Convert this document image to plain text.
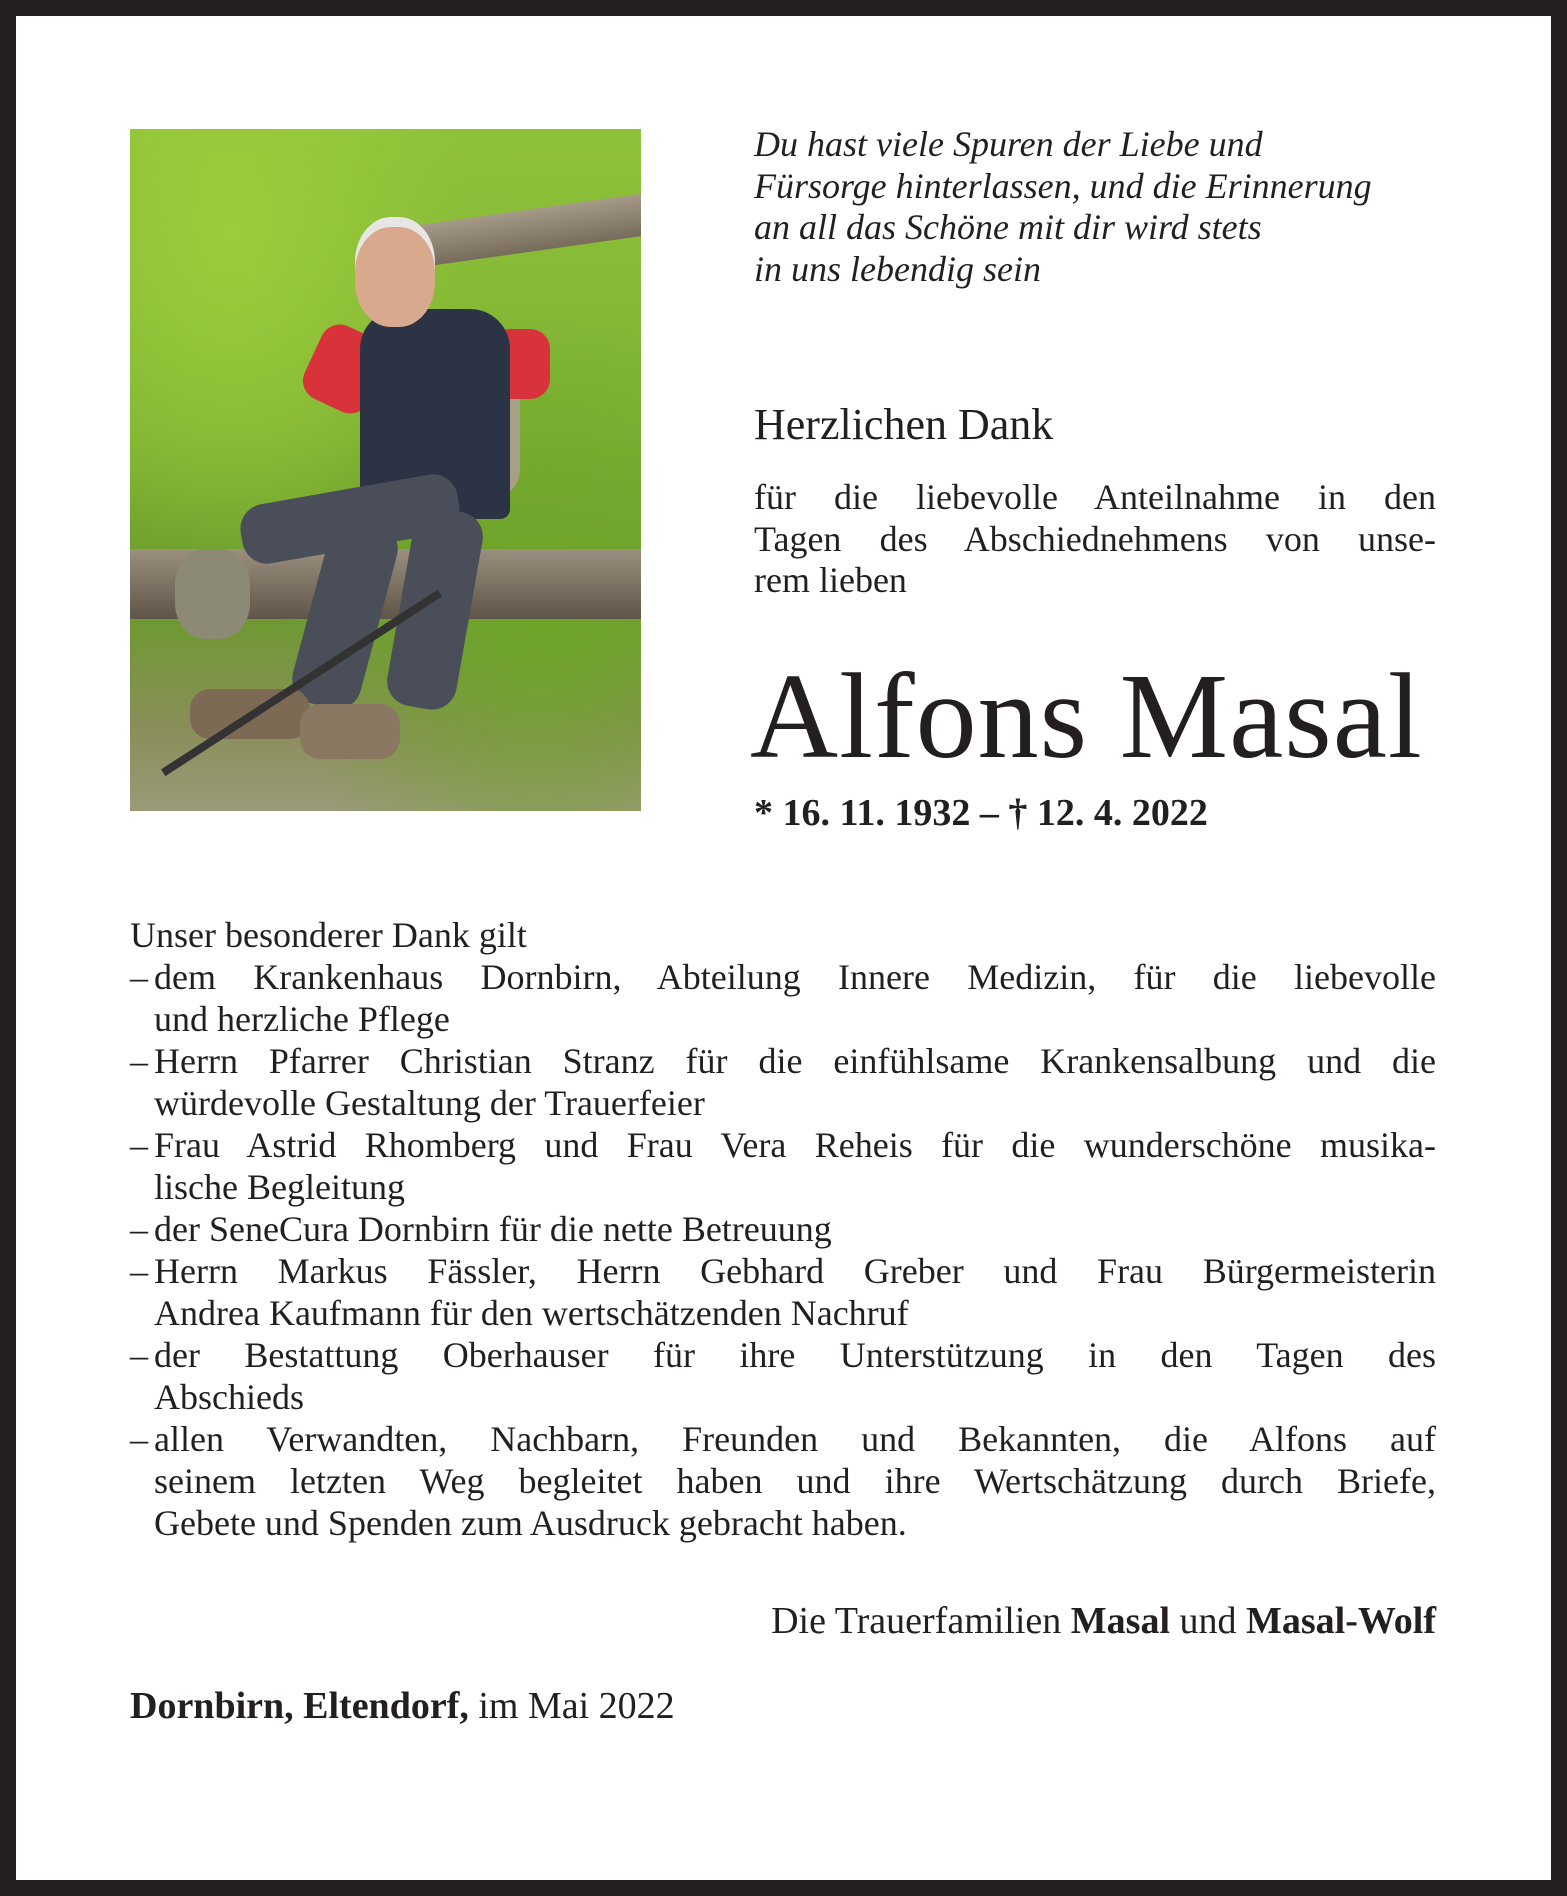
Du hast viele Spuren der Liebe und
Fürsorge hinterlassen, und die Erinnerung
an all das Schöne mit dir wird stets
in uns lebendig sein
Herzlichen Dank
für die liebevolle Anteilnahme in den
Tagen des Abschiednehmens von unse-
rem lieben
Alfons Masal
* 16. 11. 1932 – † 12. 4. 2022
Unser besonderer Dank gilt
– dem Krankenhaus Dornbirn, Abteilung Innere Medizin, für die liebevolle
und herzliche Pflege
– Herrn Pfarrer Christian Stranz für die einfühlsame Krankensalbung und die
würdevolle Gestaltung der Trauerfeier
– Frau Astrid Rhomberg und Frau Vera Reheis für die wunderschöne musika-
lische Begleitung
– der SeneCura Dornbirn für die nette Betreuung
– Herrn Markus Fässler, Herrn Gebhard Greber und Frau Bürgermeisterin
Andrea Kaufmann für den wertschätzenden Nachruf
– der Bestattung Oberhauser für ihre Unterstützung in den Tagen des
Abschieds
– allen Verwandten, Nachbarn, Freunden und Bekannten, die Alfons auf
seinem letzten Weg begleitet haben und ihre Wertschätzung durch Briefe,
Gebete und Spenden zum Ausdruck gebracht haben.
Die Trauerfamilien Masal und Masal-Wolf
Dornbirn, Eltendorf, im Mai 2022
